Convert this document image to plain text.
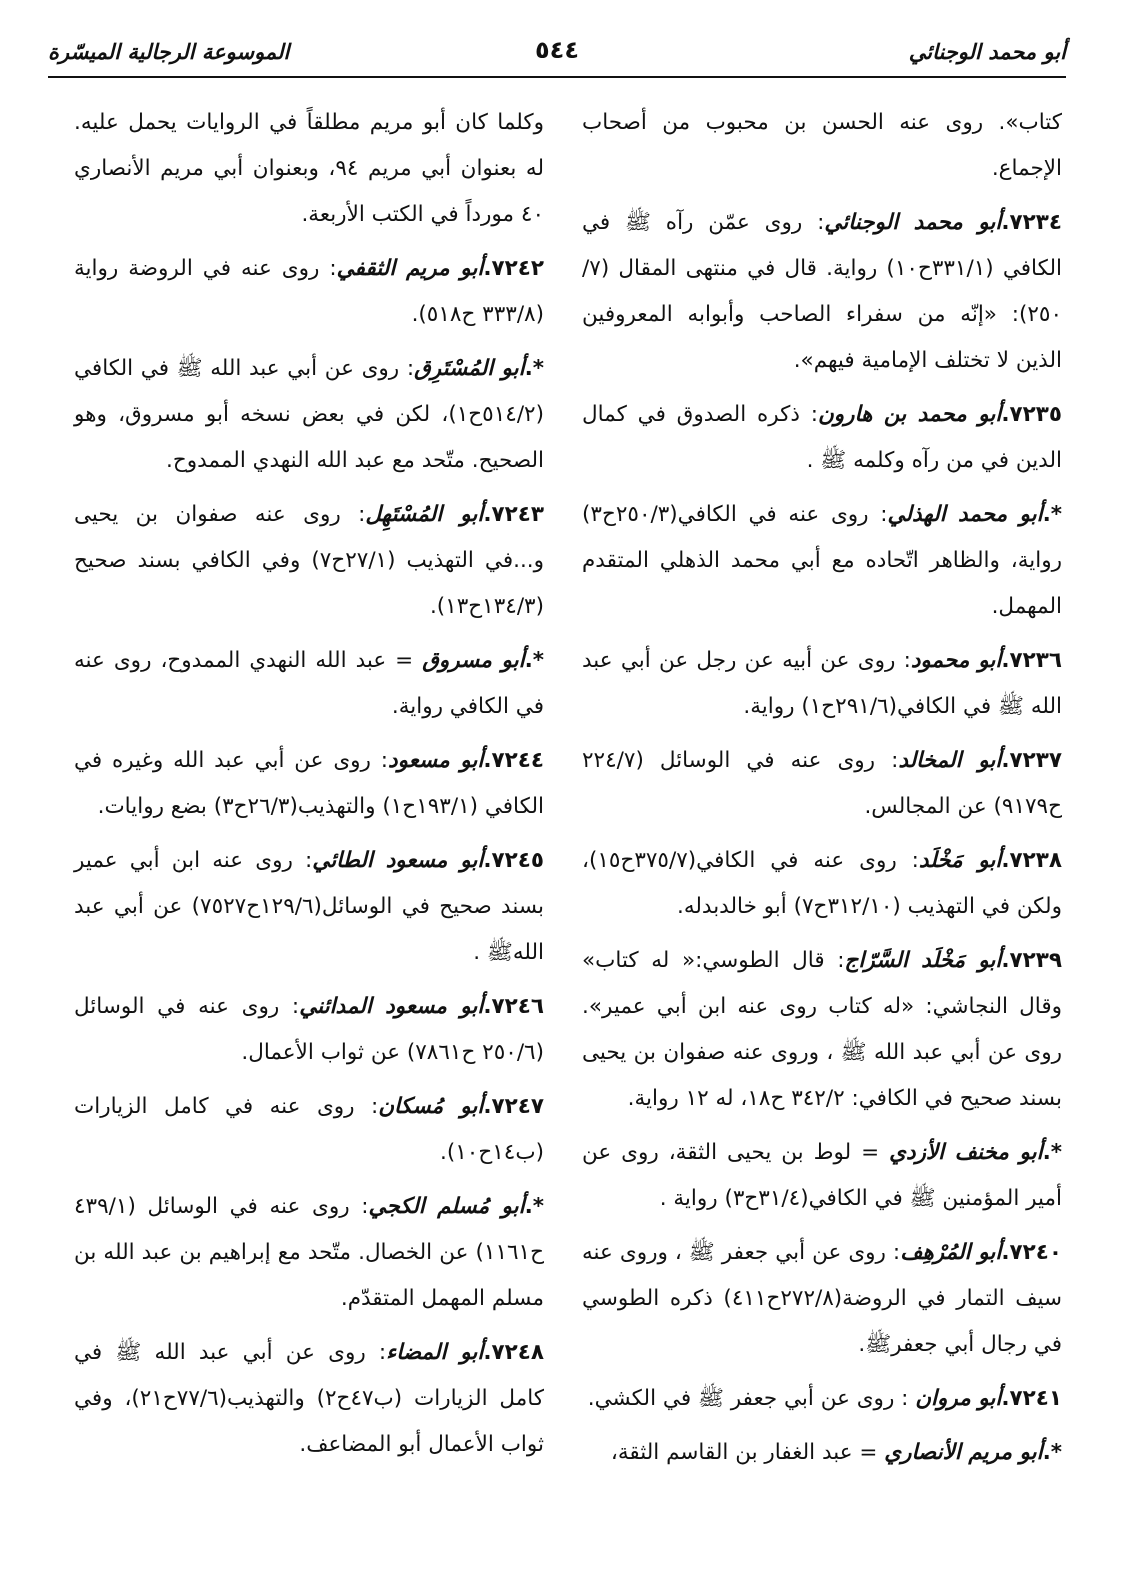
أبو محمد الوجنائي
٥٤٤
الموسوعة الرجالية الميسّرة

كتاب». روى عنه الحسن بن محبوب من أصحاب الإجماع.

٧٢٣٤.أبو محمد الوجنائي: روى عمّن رآه ﷺ في الكافي (٣٣١/١ح١٠) رواية. قال في منتهى المقال (٧/ ٢٥٠): «إنّه من سفراء الصاحب وأبوابه المعروفين الذين لا تختلف الإمامية فيهم».

٧٢٣٥.أبو محمد بن هارون: ذكره الصدوق في كمال الدين في من رآه وكلمه ﷺ .

*.أبو محمد الهذلي: روى عنه في الكافي(٢٥٠/٣ح٣) رواية، والظاهر اتّحاده مع أبي محمد الذهلي المتقدم المهمل.

٧٢٣٦.أبو محمود: روى عن أبيه عن رجل عن أبي عبد الله ﷺ في الكافي(٢٩١/٦ح١) رواية.

٧٢٣٧.أبو المخالد: روى عنه في الوسائل (٢٢٤/٧ ح٩١٧٩) عن المجالس.

٧٢٣٨.أبو مَخْلَد: روى عنه في الكافي(٣٧٥/٧ح١٥)، ولكن في التهذيب (٣١٢/١٠ح٧) أبو خالدبدله.

٧٢٣٩.أبو مَخْلَد السَّرّاج: قال الطوسي:« له كتاب» وقال النجاشي: «له كتاب روى عنه ابن أبي عمير». روى عن أبي عبد الله ﷺ ، وروى عنه صفوان بن يحيى بسند صحيح في الكافي: ٣٤٢/٢ ح١٨، له ١٢ رواية.

*.أبو مخنف الأزدي = لوط بن يحيى الثقة، روى عن أمير المؤمنين ﷺ في الكافي(٣١/٤ح٣) رواية .

٧٢٤٠.أبو المُرْهِف: روى عن أبي جعفر ﷺ ، وروى عنه سيف التمار في الروضة(٢٧٢/٨ح٤١١) ذكره الطوسي في رجال أبي جعفرﷺ.

٧٢٤١.أبو مروان : روى عن أبي جعفر ﷺ في الكشي.

*.أبو مريم الأنصاري = عبد الغفار بن القاسم الثقة،

وكلما كان أبو مريم مطلقاً في الروايات يحمل عليه. له بعنوان أبي مريم ٩٤، وبعنوان أبي مريم الأنصاري ٤٠ مورداً في الكتب الأربعة.

٧٢٤٢.أبو مريم الثقفي: روى عنه في الروضة رواية (٣٣٣/٨ ح٥١٨).

*.أبو المُسْتَرِق: روى عن أبي عبد الله ﷺ في الكافي (٥١٤/٢ح١)، لكن في بعض نسخه أبو مسروق، وهو الصحيح. متّحد مع عبد الله النهدي الممدوح.

٧٢٤٣.أبو المُسْتَهِل: روى عنه صفوان بن يحيى و...في التهذيب (٢٧/١ح٧) وفي الكافي بسند صحيح (١٣٤/٣ح١٣).

*.أبو مسروق = عبد الله النهدي الممدوح، روى عنه في الكافي رواية.

٧٢٤٤.أبو مسعود: روى عن أبي عبد الله وغيره في الكافي (١٩٣/١ح١) والتهذيب(٢٦/٣ح٣) بضع روايات.

٧٢٤٥.أبو مسعود الطائي: روى عنه ابن أبي عمير بسند صحيح في الوسائل(١٢٩/٦ح٧٥٢٧) عن أبي عبد اللهﷺ .

٧٢٤٦.أبو مسعود المدائني: روى عنه في الوسائل (٢٥٠/٦ ح٧٨٦١) عن ثواب الأعمال.

٧٢٤٧.أبو مُسكان: روى عنه في كامل الزيارات (ب١٤ح١٠).

*.أبو مُسلم الكجي: روى عنه في الوسائل (٤٣٩/١ ح١١٦١) عن الخصال. متّحد مع إبراهيم بن عبد الله بن مسلم المهمل المتقدّم.

٧٢٤٨.أبو المضاء: روى عن أبي عبد الله ﷺ في كامل الزيارات (ب٤٧ح٢) والتهذيب(٧٧/٦ح٢١)، وفي ثواب الأعمال أبو المضاعف.
